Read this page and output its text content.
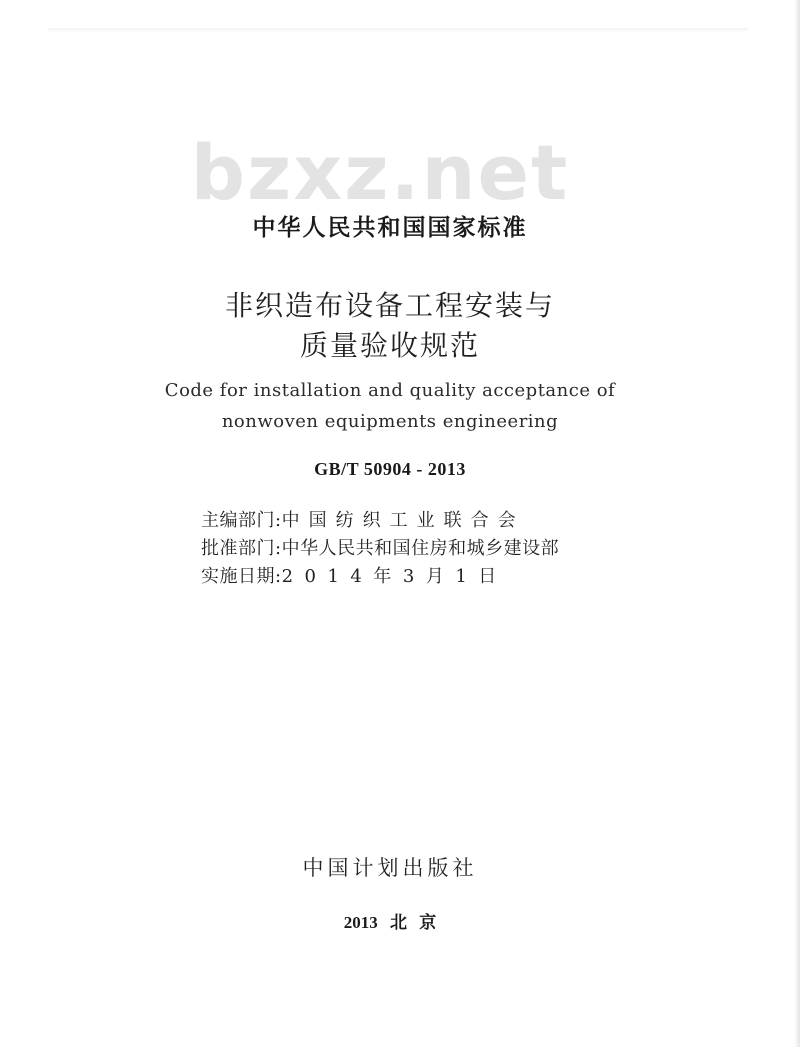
bzxz.net
中华人民共和国国家标准
非织造布设备工程安装与
质量验收规范
Code for installation and quality acceptance of
nonwoven equipments engineering
GB/T 50904 - 2013
主编部门:中国纺织工业联合会
批准部门:中华人民共和国住房和城乡建设部
实施日期:2014年3月1日
中国计划出版社
2013 北 京
